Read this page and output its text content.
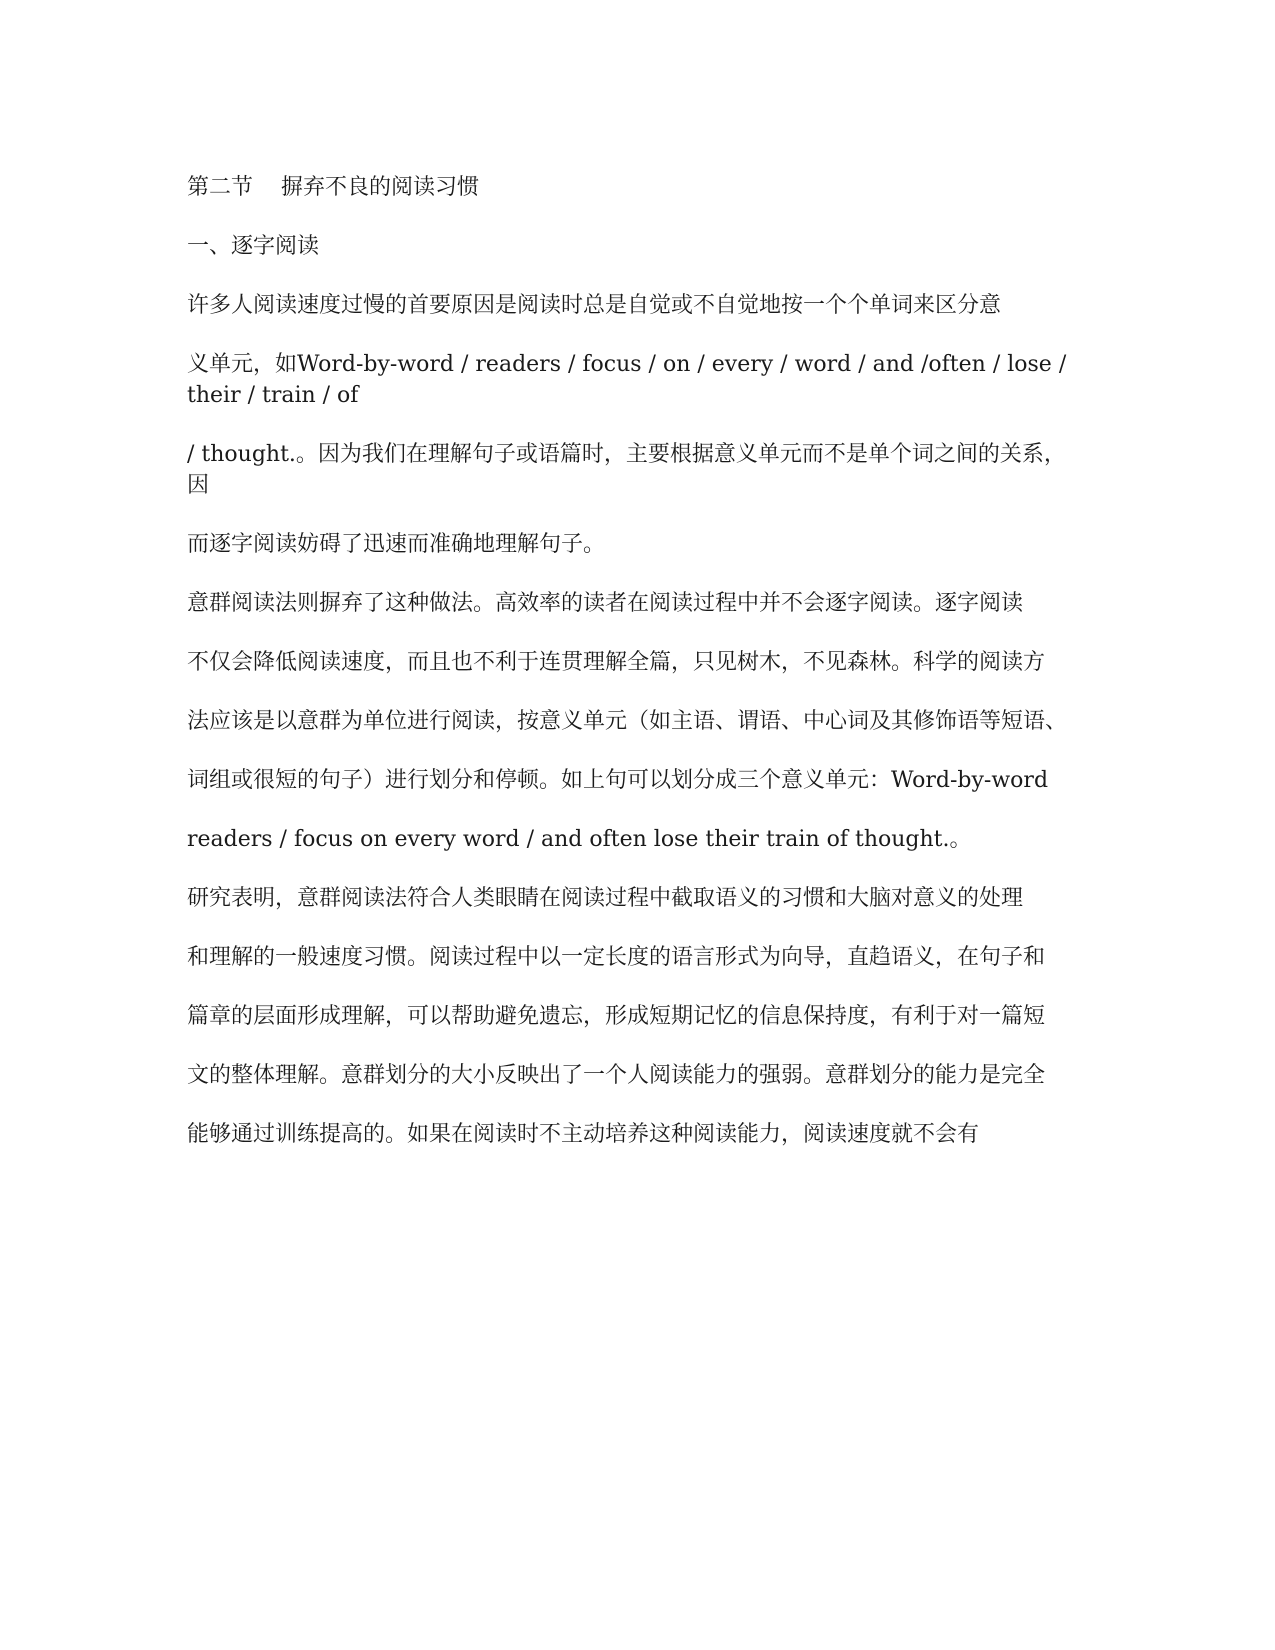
第二节    摒弃不良的阅读习惯
一、逐字阅读
许多人阅读速度过慢的首要原因是阅读时总是自觉或不自觉地按一个个单词来区分意
义单元，如Word-by-word / readers / focus / on / every / word / and /often / lose / their / train / of
/ thought.。因为我们在理解句子或语篇时，主要根据意义单元而不是单个词之间的关系，因
而逐字阅读妨碍了迅速而准确地理解句子。
意群阅读法则摒弃了这种做法。高效率的读者在阅读过程中并不会逐字阅读。逐字阅读
不仅会降低阅读速度，而且也不利于连贯理解全篇，只见树木，不见森林。科学的阅读方
法应该是以意群为单位进行阅读，按意义单元（如主语、谓语、中心词及其修饰语等短语、
词组或很短的句子）进行划分和停顿。如上句可以划分成三个意义单元：Word-by-word
readers / focus on every word / and often lose their train of thought.。
研究表明，意群阅读法符合人类眼睛在阅读过程中截取语义的习惯和大脑对意义的处理
和理解的一般速度习惯。阅读过程中以一定长度的语言形式为向导，直趋语义，在句子和
篇章的层面形成理解，可以帮助避免遗忘，形成短期记忆的信息保持度，有利于对一篇短
文的整体理解。意群划分的大小反映出了一个人阅读能力的强弱。意群划分的能力是完全
能够通过训练提高的。如果在阅读时不主动培养这种阅读能力，阅读速度就不会有
